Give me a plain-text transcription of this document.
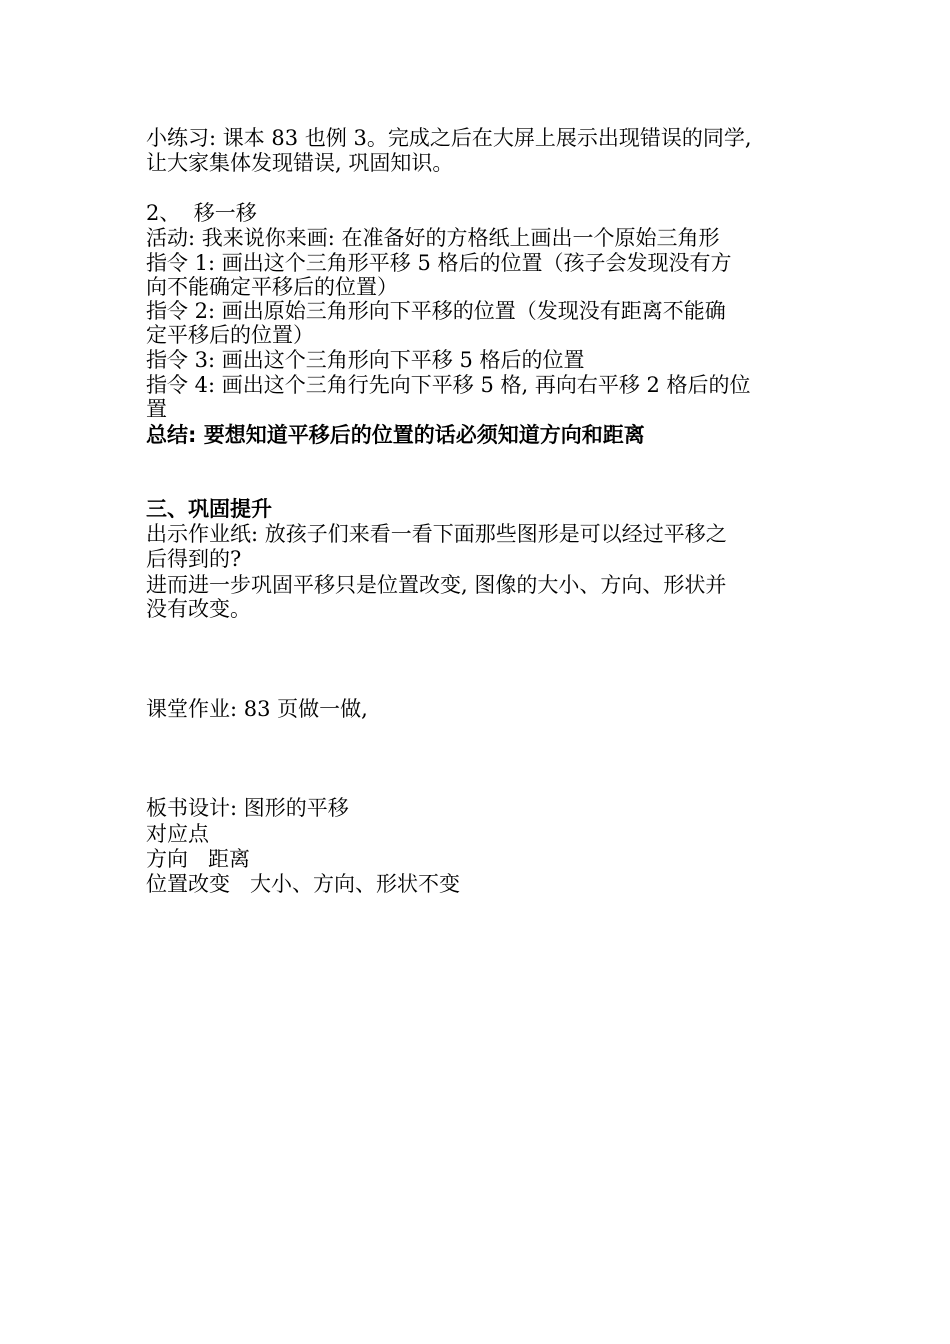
小练习: 课本 83 也例 3。完成之后在大屏上展示出现错误的同学,
让大家集体发现错误, 巩固知识。
2、  移一移
活动: 我来说你来画: 在准备好的方格纸上画出一个原始三角形
指令 1: 画出这个三角形平移 5 格后的位置（孩子会发现没有方
向不能确定平移后的位置）
指令 2: 画出原始三角形向下平移的位置（发现没有距离不能确
定平移后的位置）
指令 3: 画出这个三角形向下平移 5 格后的位置
指令 4: 画出这个三角行先向下平移 5 格, 再向右平移 2 格后的位
置
总结: 要想知道平移后的位置的话必须知道方向和距离
三、巩固提升
出示作业纸: 放孩子们来看一看下面那些图形是可以经过平移之
后得到的?
进而进一步巩固平移只是位置改变, 图像的大小、方向、形状并
没有改变。
课堂作业: 83 页做一做,
板书设计: 图形的平移
对应点
方向   距离
位置改变   大小、方向、形状不变
